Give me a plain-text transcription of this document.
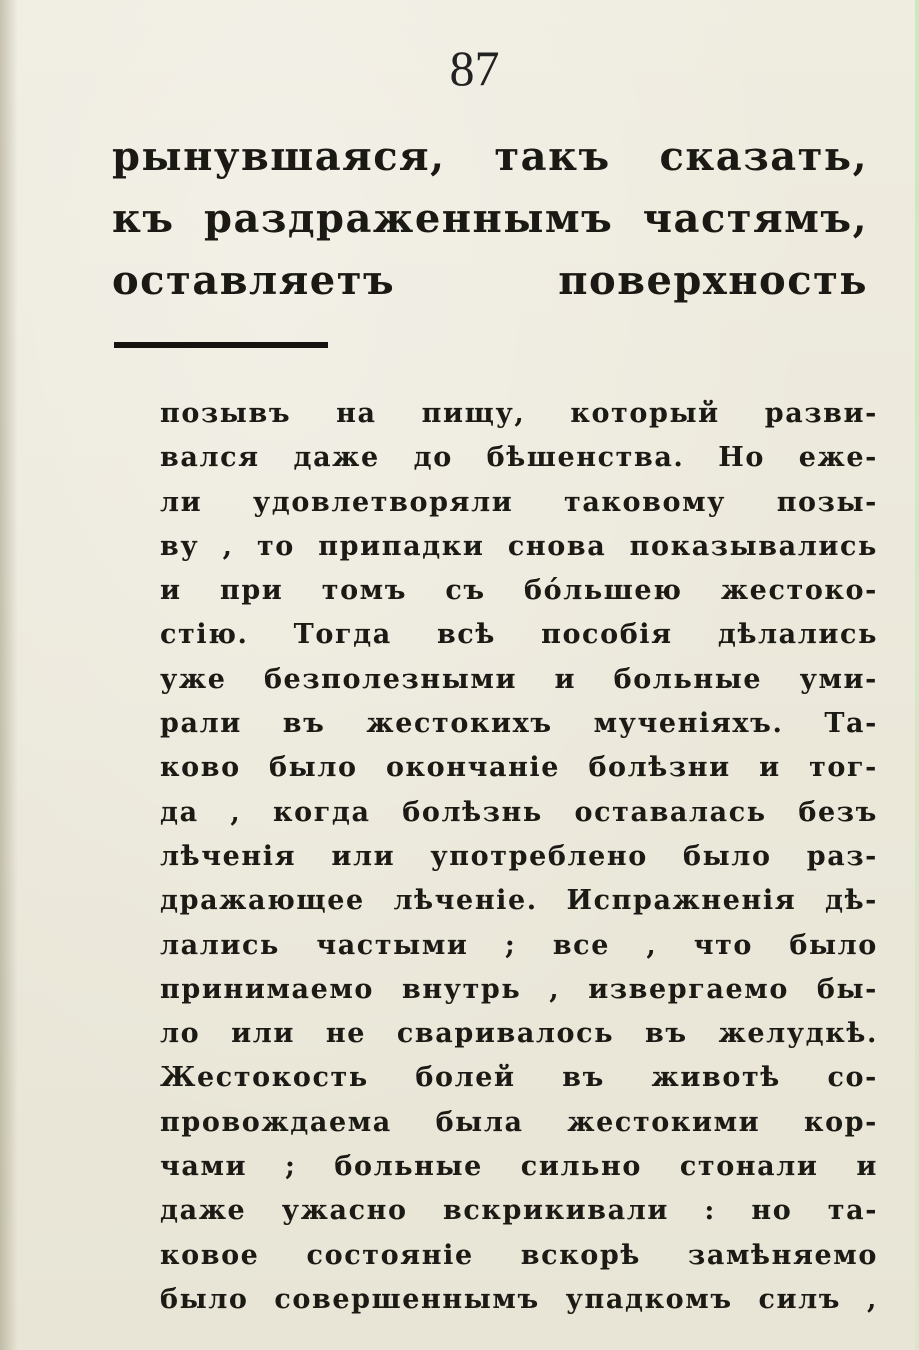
87
рынувшаяся, такъ сказать,
къ раздраженнымъ частямъ,
оставляетъ	поверхность
позывъ на пищу, который разви-
вался даже до бѣшенства. Но еже-
ли удовлетворяли таковому позы-
ву , то припадки снова показывались
и при томъ съ бо́льшею жестоко-
стію. Тогда всѣ пособія дѣлались
уже безполезными и больные уми-
рали въ жестокихъ мученіяхъ. Та-
ково было окончаніе болѣзни и тог-
да , когда болѣзнь оставалась безъ
лѣченія или употреблено было раз-
дражающее лѣченіе. Испражненія дѣ-
лались частыми ; все , что было
принимаемо внутрь , извергаемо бы-
ло или не сваривалось въ желудкѣ.
Жестокость болей въ животѣ со-
провождаема была жестокими кор-
чами ; больные сильно стонали и
даже ужасно вскрикивали : но та-
ковое состояніе вскорѣ замѣняемо
было совершеннымъ упадкомъ силъ ,
